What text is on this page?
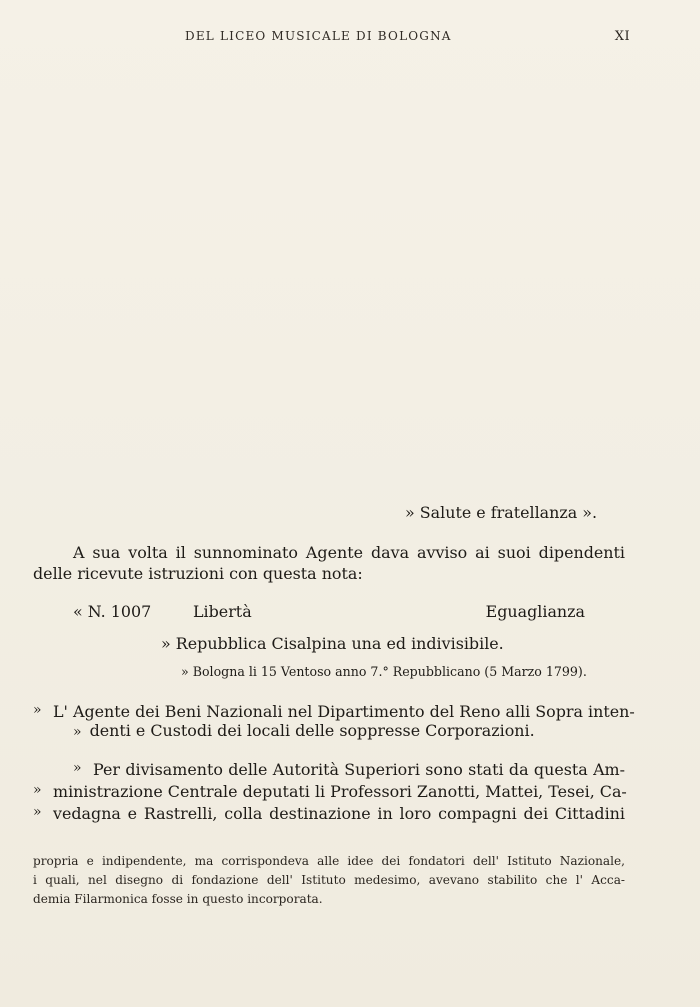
DEL LICEO MUSICALE DI BOLOGNA	XI
» Salute e fratellanza ».
A sua volta il sunnominato Agente dava avviso ai suoi dipendenti
delle ricevute istruzioni con questa nota:
« N. 1007	Libertà	Eguaglianza
» Repubblica Cisalpina una ed indivisibile.
» Bologna li 15 Ventoso anno 7.° Repubblicano (5 Marzo 1799).
» L' Agente dei Beni Nazionali nel Dipartimento del Reno alli Sopra inten-
» denti e Custodi dei locali delle soppresse Corporazioni.
» Per divisamento delle Autorità Superiori sono stati da questa Am-
» ministrazione Centrale deputati li Professori Zanotti, Mattei, Tesei, Ca-
» vedagna e Rastrelli, colla destinazione in loro compagni dei Cittadini
propria e indipendente, ma corrispondeva alle idee dei fondatori dell' Istituto Nazionale,
i quali, nel disegno di fondazione dell' Istituto medesimo, avevano stabilito che l' Acca-
demia Filarmonica fosse in questo incorporata.
